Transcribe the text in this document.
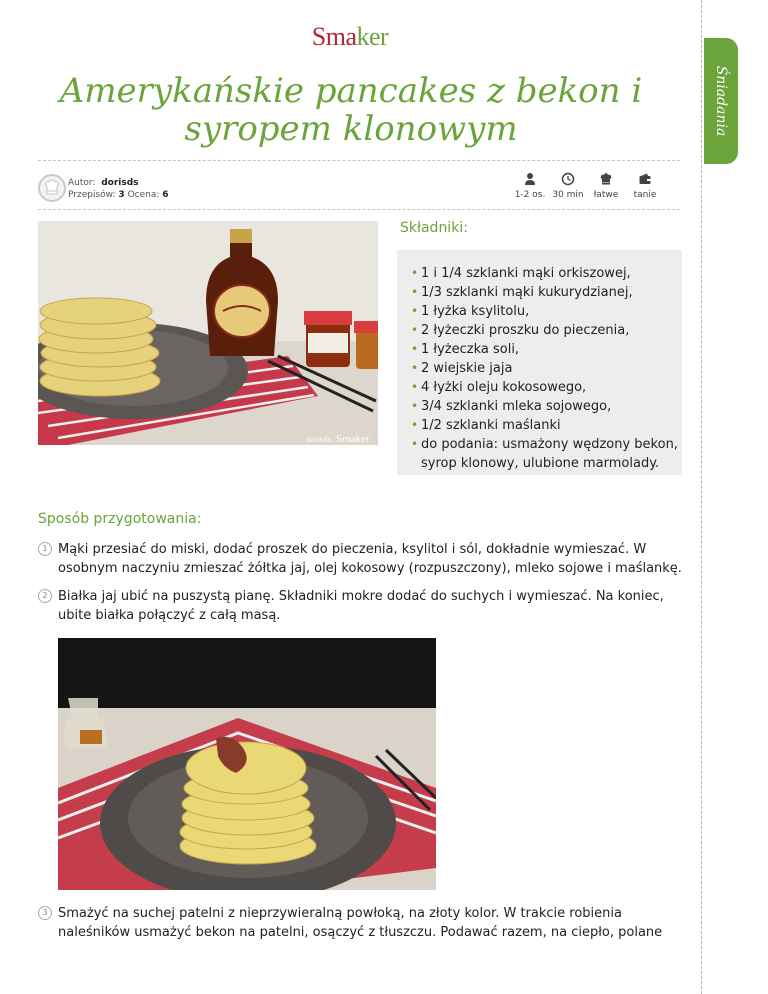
Śniadania
Smaker
Amerykańskie pancakes z bekon i syropem klonowym
Autor: dorisds
Przepisów: 3 Ocena: 6	1-2 os. 30 min	łatwe	tanie
dorisds Smaker
Składniki:
• 1 i 1/4 szklanki mąki orkiszowej,
• 1/3 szklanki mąki kukurydzianej,
• 1 łyżka ksylitolu,
• 2 łyżeczki proszku do pieczenia,
• 1 łyżeczka soli,
• 2 wiejskie jaja
• 4 łyżki oleju kokosowego,
• 3/4 szklanki mleka sojowego,
• 1/2 szklanki maślanki
• do podania: usmażony wędzony bekon, syrop klonowy, ulubione marmolady.
Sposób przygotowania:
1 Mąki przesiać do miski, dodać proszek do pieczenia, ksylitol i sól, dokładnie wymieszać. W osobnym naczyniu zmieszać żółtka jaj, olej kokosowy (rozpuszczony), mleko sojowe i maślankę.
2 Białka jaj ubić na puszystą pianę. Składniki mokre dodać do suchych i wymieszać. Na koniec, ubite białka połączyć z całą masą.
3 Smażyć na suchej patelni z nieprzywieralną powłoką, na złoty kolor. W trakcie robienia naleśników usmażyć bekon na patelni, osączyć z tłuszczu. Podawać razem, na ciepło, polane
